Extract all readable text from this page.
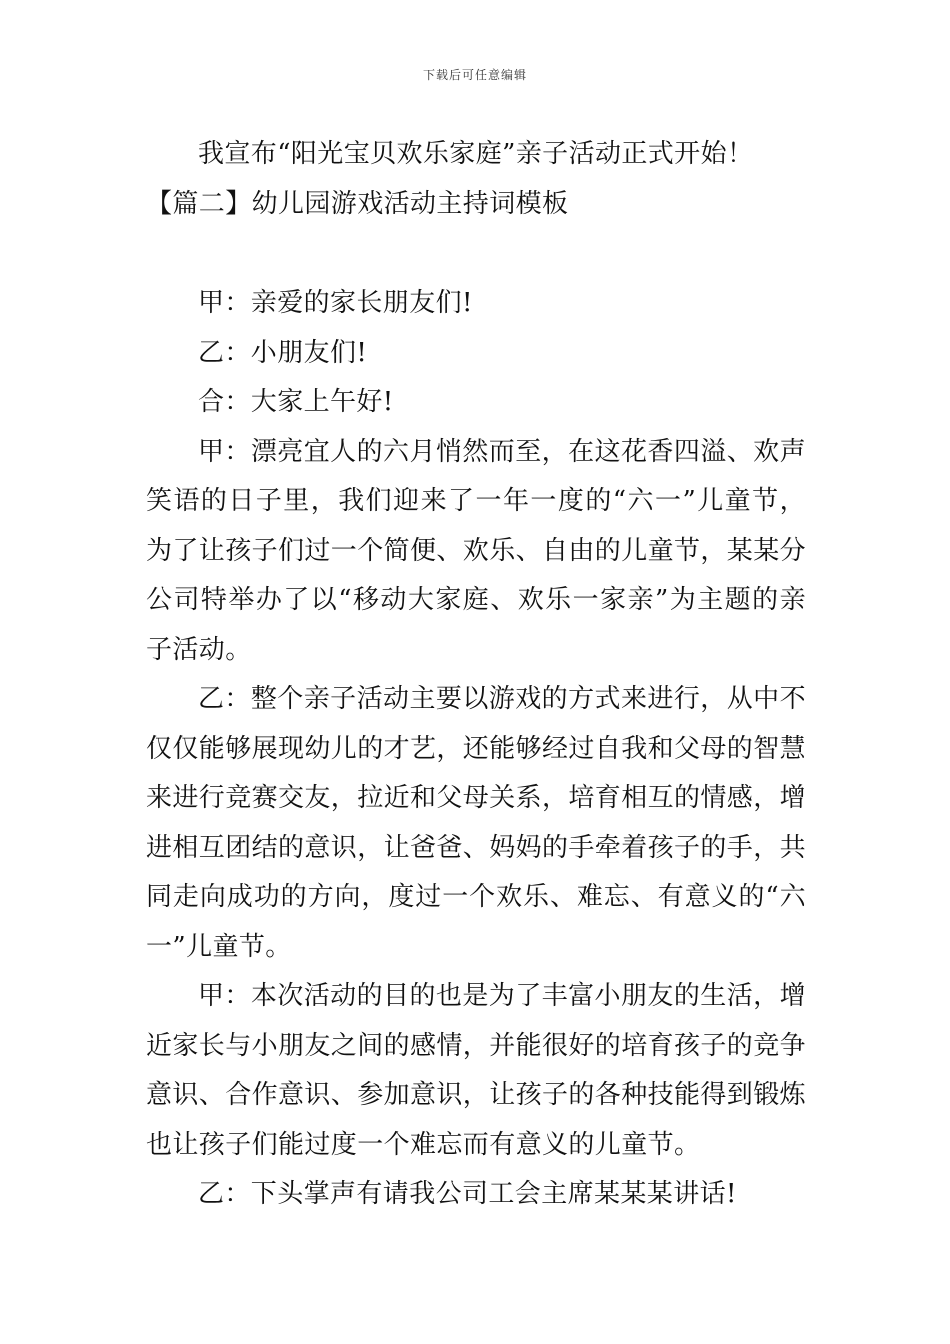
下载后可任意编辑

我宣布“阳光宝贝欢乐家庭”亲子活动正式开始！

【篇二】幼儿园游戏活动主持词模板

甲：亲爱的家长朋友们!

乙：小朋友们!

合：大家上午好!

甲：漂亮宜人的六月悄然而至，在这花香四溢、欢声笑语的日子里，我们迎来了一年一度的“六一”儿童节，为了让孩子们过一个简便、欢乐、自由的儿童节，某某分公司特举办了以“移动大家庭、欢乐一家亲”为主题的亲子活动。

乙：整个亲子活动主要以游戏的方式来进行，从中不仅仅能够展现幼儿的才艺，还能够经过自我和父母的智慧来进行竞赛交友，拉近和父母关系，培育相互的情感，增进相互团结的意识，让爸爸、妈妈的手牵着孩子的手，共同走向成功的方向，度过一个欢乐、难忘、有意义的“六一”儿童节。

甲：本次活动的目的也是为了丰富小朋友的生活，增近家长与小朋友之间的感情，并能很好的培育孩子的竞争意识、合作意识、参加意识，让孩子的各种技能得到锻炼也让孩子们能过度一个难忘而有意义的儿童节。

乙：下头掌声有请我公司工会主席某某某讲话!
